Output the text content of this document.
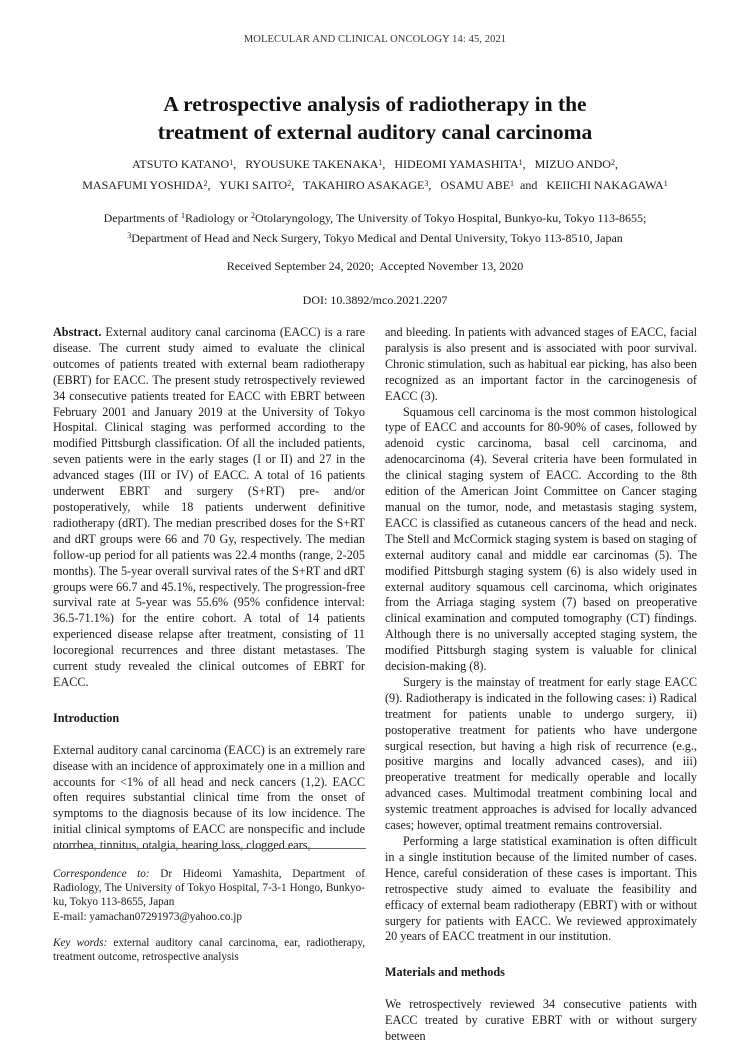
MOLECULAR AND CLINICAL ONCOLOGY 14: 45, 2021
A retrospective analysis of radiotherapy in the
treatment of external auditory canal carcinoma
ATSUTO KATANO$^1$,   RYOUSUKE TAKENAKA$^1$,   HIDEOMI YAMASHITA$^1$,   MIZUO ANDO$^2$,
MASAFUMI YOSHIDA$^2$,   YUKI SAITO$^2$,   TAKAHIRO ASAKAGE$^3$,   OSAMU ABE$^1$  and   KEIICHI NAKAGAWA$^1$
Departments of $^1$Radiology or $^2$Otolaryngology, The University of Tokyo Hospital, Bunkyo-ku, Tokyo 113-8655;
$^3$Department of Head and Neck Surgery, Tokyo Medical and Dental University, Tokyo 113-8510, Japan
Received September 24, 2020;  Accepted November 13, 2020
DOI: 10.3892/mco.2021.2207

Abstract. External auditory canal carcinoma (EACC) is a rare disease. The current study aimed to evaluate the clinical outcomes of patients treated with external beam radiotherapy (EBRT) for EACC. The present study retrospectively reviewed 34 consecutive patients treated for EACC with EBRT between February 2001 and January 2019 at the University of Tokyo Hospital. Clinical staging was performed according to the modified Pittsburgh classification. Of all the included patients, seven patients were in the early stages (I or II) and 27 in the advanced stages (III or IV) of EACC. A total of 16 patients underwent EBRT and surgery (S+RT) pre- and/or postoperatively, while 18 patients underwent definitive radiotherapy (dRT). The median prescribed doses for the S+RT and dRT groups were 66 and 70 Gy, respectively. The median follow-up period for all patients was 22.4 months (range, 2-205 months). The 5-year overall survival rates of the S+RT and dRT groups were 66.7 and 45.1%, respectively. The progression-free survival rate at 5-year was 55.6% (95% confidence interval: 36.5-71.1%) for the entire cohort. A total of 14 patients experienced disease relapse after treatment, consisting of 11 locoregional recurrences and three distant metastases. The current study revealed the clinical outcomes of EBRT for EACC.

Introduction

External auditory canal carcinoma (EACC) is an extremely rare disease with an incidence of approximately one in a million and accounts for <1% of all head and neck cancers (1,2). EACC often requires substantial clinical time from the onset of symptoms to the diagnosis because of its low incidence. The initial clinical symptoms of EACC are nonspecific and include otorrhea, tinnitus, otalgia, hearing loss, clogged ears,

Correspondence to: Dr Hideomi Yamashita, Department of Radiology, The University of Tokyo Hospital, 7-3-1 Hongo, Bunkyo-ku, Tokyo 113-8655, Japan

E-mail: yamachan07291973@yahoo.co.jp

Key words: external auditory canal carcinoma, ear, radiotherapy, treatment outcome, retrospective analysis

and bleeding. In patients with advanced stages of EACC, facial paralysis is also present and is associated with poor survival. Chronic stimulation, such as habitual ear picking, has also been recognized as an important factor in the carcinogenesis of EACC (3).

Squamous cell carcinoma is the most common histological type of EACC and accounts for 80-90% of cases, followed by adenoid cystic carcinoma, basal cell carcinoma, and adenocarcinoma (4). Several criteria have been formulated in the clinical staging system of EACC. According to the 8th edition of the American Joint Committee on Cancer staging manual on the tumor, node, and metastasis staging system, EACC is classified as cutaneous cancers of the head and neck. The Stell and McCormick staging system is based on staging of external auditory canal and middle ear carcinomas (5). The modified Pittsburgh staging system (6) is also widely used in external auditory squamous cell carcinoma, which originates from the Arriaga staging system (7) based on preoperative clinical examination and computed tomography (CT) findings. Although there is no universally accepted staging system, the modified Pittsburgh staging system is valuable for clinical decision-making (8).

Surgery is the mainstay of treatment for early stage EACC (9). Radiotherapy is indicated in the following cases: i) Radical treatment for patients unable to undergo surgery, ii) postoperative treatment for patients who have undergone surgical resection, but having a high risk of recurrence (e.g., positive margins and locally advanced cases), and iii) preoperative treatment for medically operable and locally advanced cases. Multimodal treatment combining local and systemic treatment approaches is advised for locally advanced cases; however, optimal treatment remains controversial.

Performing a large statistical examination is often difficult in a single institution because of the limited number of cases. Hence, careful consideration of these cases is important. This retrospective study aimed to evaluate the feasibility and efficacy of external beam radiotherapy (EBRT) with or without surgery for patients with EACC. We reviewed approximately 20 years of EACC treatment in our institution.

Materials and methods

We retrospectively reviewed 34 consecutive patients with EACC treated by curative EBRT with or without surgery between
